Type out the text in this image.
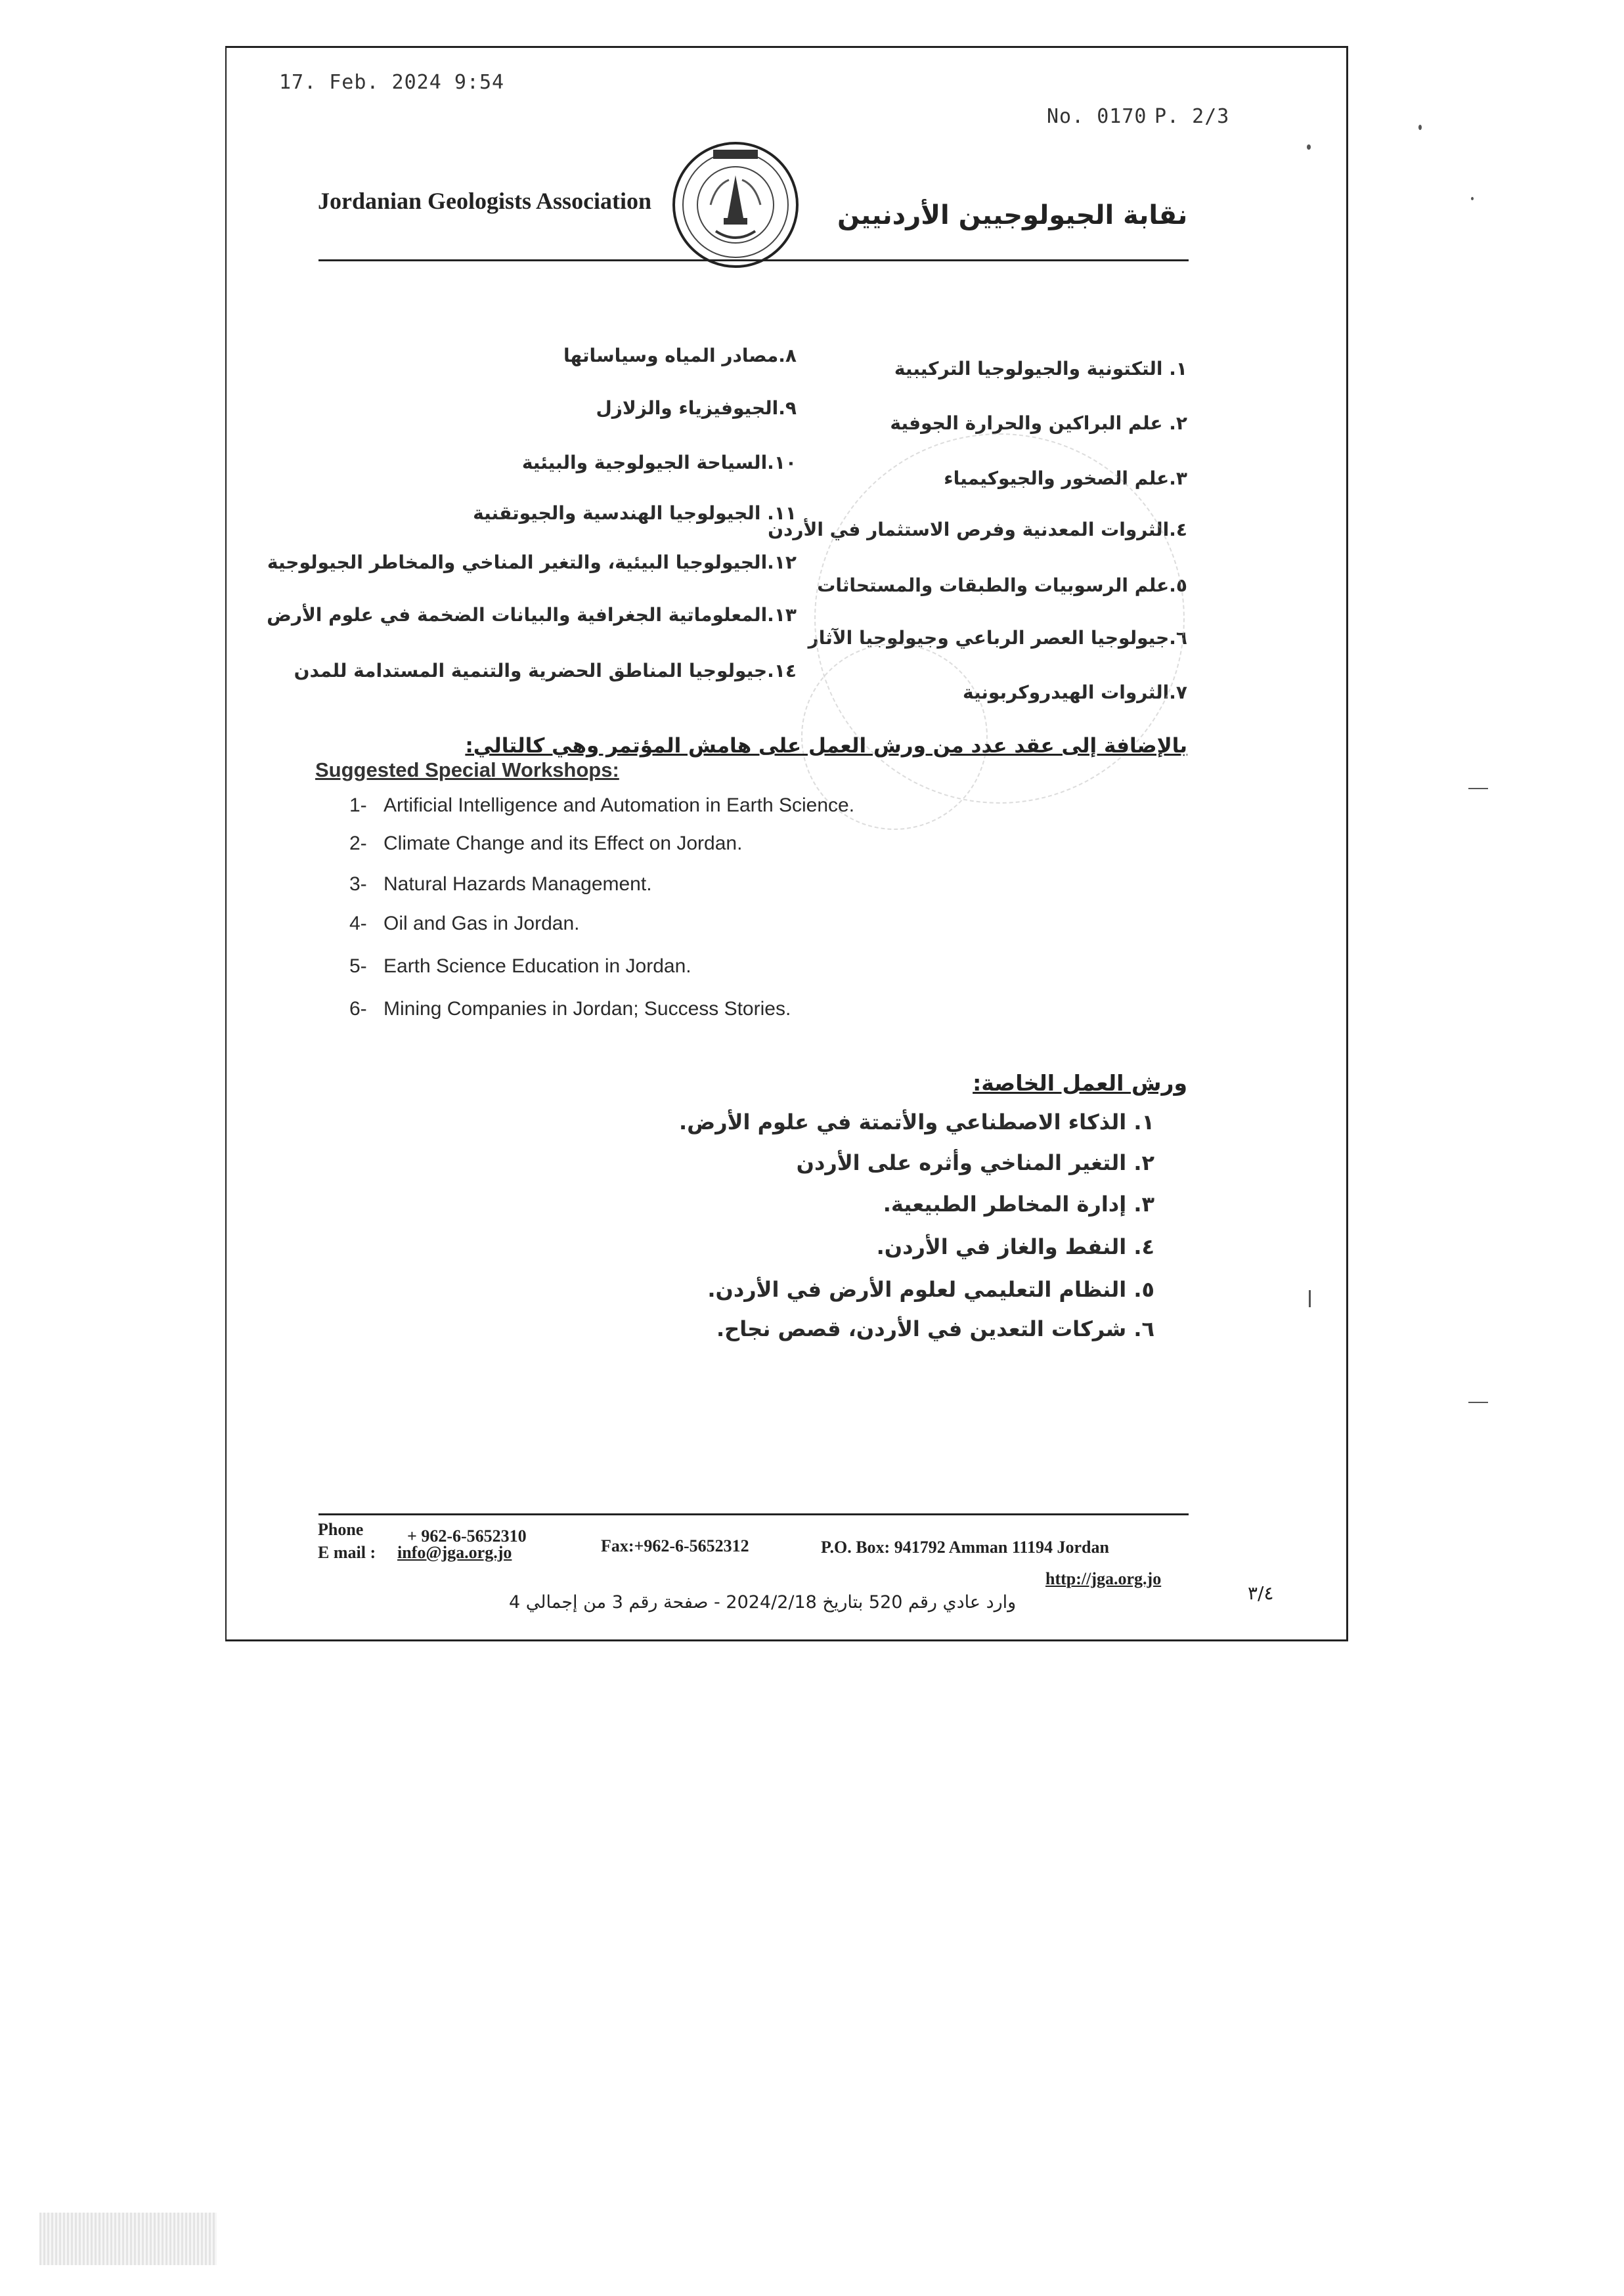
17. Feb. 2024 9:54
No. 0170 P. 2/3
Jordanian Geologists Association	نقابة الجيولوجيين الأردنيين
١. التكتونية والجيولوجيا التركيبية
٢. علم البراكين والحرارة الجوفية
٣.علم الصخور والجيوكيمياء
٤.الثروات المعدنية وفرص الاستثمار في الأردن
٥.علم الرسوبيات والطبقات والمستحاثات
٦.جيولوجيا العصر الرباعي وجيولوجيا الآثار
٧.الثروات الهيدروكربونية
٨.مصادر المياه وسياساتها
٩.الجيوفيزياء والزلازل
١٠.السياحة الجيولوجية والبيئية
١١. الجيولوجيا الهندسية والجيوتقنية
١٢.الجيولوجيا البيئية، والتغير المناخي والمخاطر الجيولوجية
١٣.المعلوماتية الجغرافية والبيانات الضخمة في علوم الأرض
١٤.جيولوجيا المناطق الحضرية والتنمية المستدامة للمدن
بالإضافة إلى عقد عدد من ورش العمل على هامش المؤتمر وهي كالتالي:
Suggested Special Workshops:
1- Artificial Intelligence and Automation in Earth Science.
2- Climate Change and its Effect on Jordan.
3- Natural Hazards Management.
4- Oil and Gas in Jordan.
5- Earth Science Education in Jordan.
6- Mining Companies in Jordan; Success Stories.
ورش العمل الخاصة:
١. الذكاء الاصطناعي والأتمتة في علوم الأرض.
٢. التغير المناخي وأثره على الأردن
٣. إدارة المخاطر الطبيعية.
٤. النفط والغاز في الأردن.
٥. النظام التعليمي لعلوم الأرض في الأردن.
٦. شركات التعدين في الأردن، قصص نجاح.
Phone	+ 962-6-5652310
E mail : info@jga.org.jo	Fax:+962-6-5652312	P.O. Box: 941792 Amman 11194 Jordan
http://jga.org.jo
٣/٤
وارد عادي رقم 520 بتاريخ 2024/2/18 - صفحة رقم 3 من إجمالي 4
